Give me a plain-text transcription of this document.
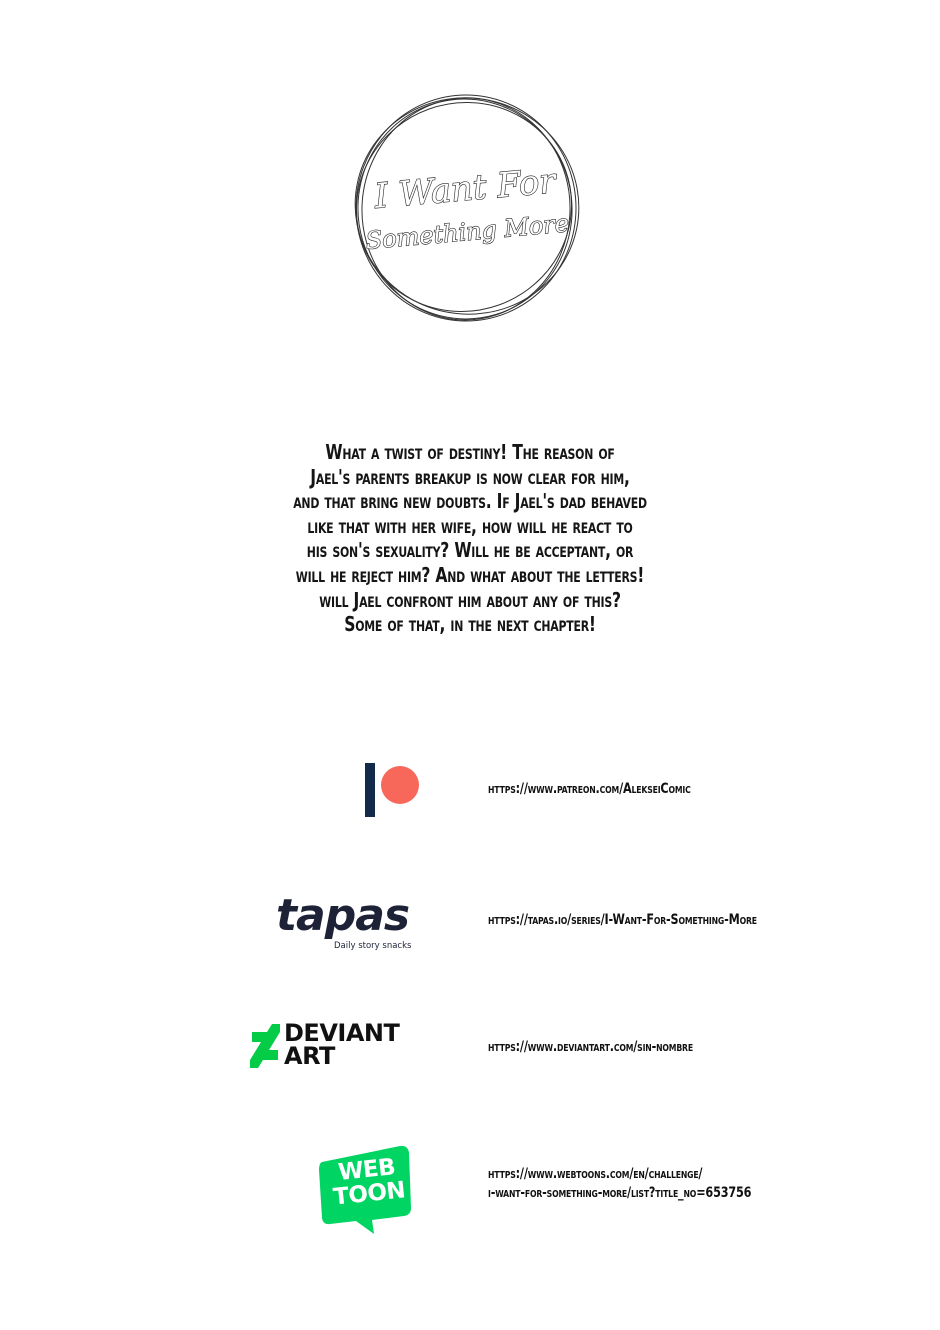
I Want For
Something More
What a twist of destiny! The reason of
Jael's parents breakup is now clear for him,
and that bring new doubts. If Jael's dad behaved
like that with her wife, how will he react to
his son's sexuality? Will he be acceptant, or
will he reject him? And what about the letters!
will Jael confront him about any of this?
Some of that, in the next chapter!
https://www.patreon.com/AlekseiComic
tapas
Daily story snacks
https://tapas.io/series/I-Want-For-Something-More
DEVIANT
ART	https://www.deviantart.com/sin-nombre
WEB
TOON
https://www.webtoons.com/en/challenge/
i-want-for-something-more/list?title_no=653756
